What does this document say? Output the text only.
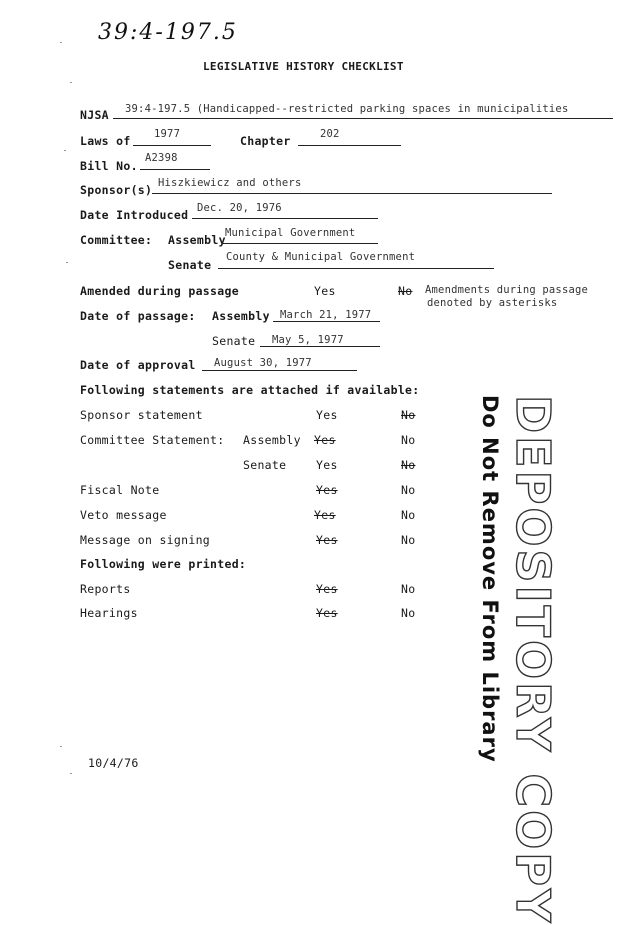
39:4-197.5
LEGISLATIVE HISTORY CHECKLIST
NJSA 39:4-197.5 (Handicapped--restricted parking spaces in municipalities
Laws of 1977	Chapter	202
Bill No.
A2398
Sponsor(s) Hiszkiewicz and others
Date Introduced Dec. 20, 1976
Committee: Assembly Municipal Government
Senate
County & Municipal Government
Amended during passage	Yes	No Amendments during passage
denoted by asterisks
Date of passage: Assembly March 21, 1977
Senate May 5, 1977
Date of approval August 30, 1977
Following statements are attached if available:
Sponsor statement	Yes	No
Committee Statement: Assembly Yes	No
Senate	Yes	No
Fiscal Note	Yes	No
Veto message	Yes	No
Message on signing	Yes	No
Following were printed:
Reports	Yes	No
Hearings	Yes	No DEPOSITORY COPY
Do Not Remove From Library
10/4/76
